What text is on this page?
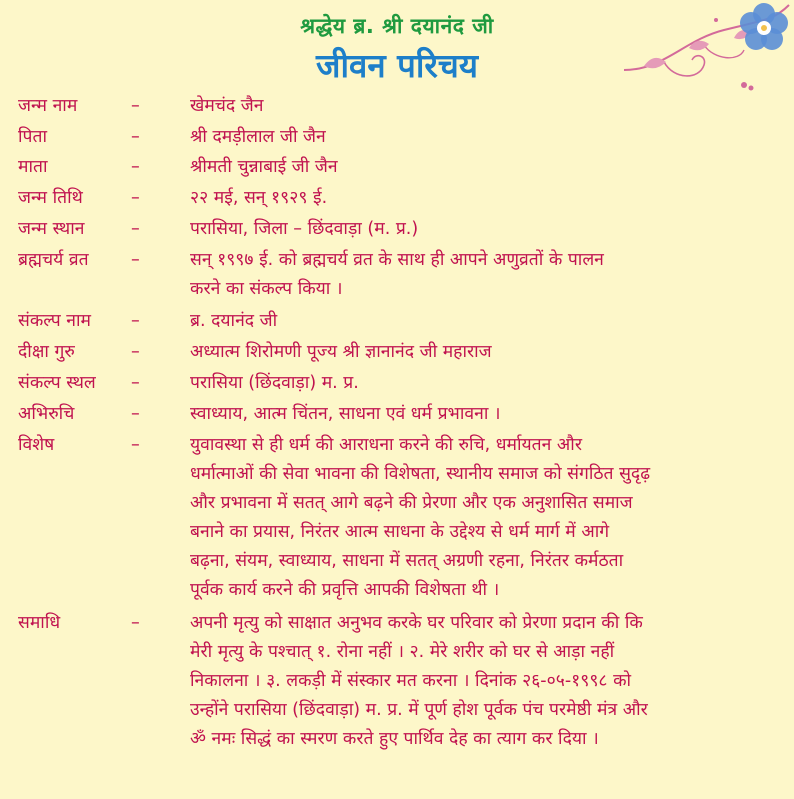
श्रद्धेय ब्र. श्री दयानंद जी
जीवन परिचय
जन्म नाम	–	खेमचंद जैन
पिता	–	श्री दमड़ीलाल जी जैन
माता	–	श्रीमती चुन्नाबाई जी जैन
जन्म तिथि	–	२२ मई, सन् १९२९ ई.
जन्म स्थान	–	परासिया, जिला – छिंदवाड़ा (म. प्र.)
ब्रह्मचर्य व्रत –	सन् १९९७ ई. को ब्रह्मचर्य व्रत के साथ ही आपने अणुव्रतों के पालन
करने का संकल्प किया ।
संकल्प नाम –	ब्र. दयानंद जी
दीक्षा गुरु	–	अध्यात्म शिरोमणी पूज्य श्री ज्ञानानंद जी महाराज
संकल्प स्थल –	परासिया (छिंदवाड़ा) म. प्र.
अभिरुचि	–	स्वाध्याय, आत्म चिंतन, साधना एवं धर्म प्रभावना ।
विशेष	–	युवावस्था से ही धर्म की आराधना करने की रुचि, धर्मायतन और
धर्मात्माओं की सेवा भावना की विशेषता, स्थानीय समाज को संगठित सुदृढ़
और प्रभावना में सतत् आगे बढ़ने की प्रेरणा और एक अनुशासित समाज
बनाने का प्रयास, निरंतर आत्म साधना के उद्देश्य से धर्म मार्ग में आगे
बढ़ना, संयम, स्वाध्याय, साधना में सतत् अग्रणी रहना, निरंतर कर्मठता
पूर्वक कार्य करने की प्रवृत्ति आपकी विशेषता थी ।
समाधि	–	अपनी मृत्यु को साक्षात अनुभव करके घर परिवार को प्रेरणा प्रदान की कि
मेरी मृत्यु के पश्चात् १. रोना नहीं । २. मेरे शरीर को घर से आड़ा नहीं
निकालना । ३. लकड़ी में संस्कार मत करना । दिनांक २६-०५-१९९८ को
उन्होंने परासिया (छिंदवाड़ा) म. प्र. में पूर्ण होश पूर्वक पंच परमेष्ठी मंत्र और
ॐ नमः सिद्धं का स्मरण करते हुए पार्थिव देह का त्याग कर दिया ।
